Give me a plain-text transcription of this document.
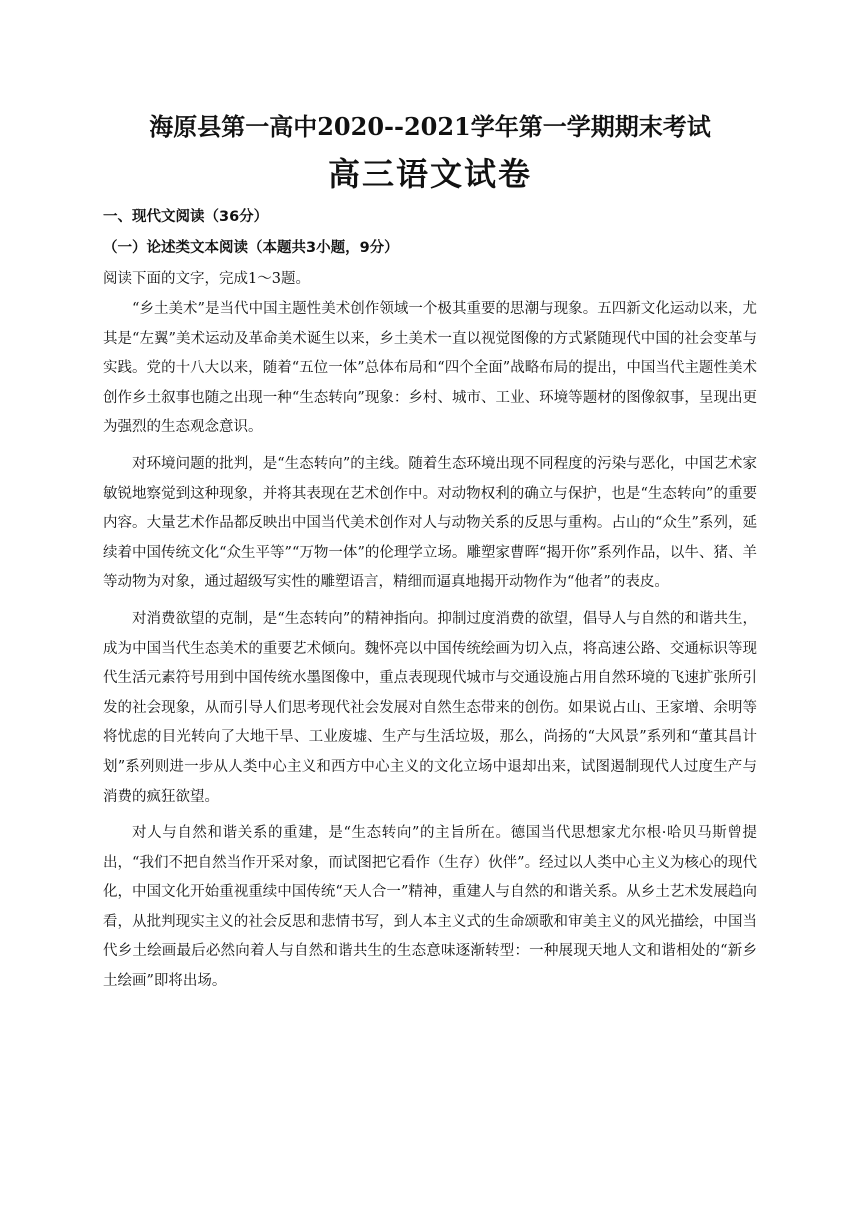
海原县第一高中2020--2021学年第一学期期末考试
高三语文试卷
一、现代文阅读（36分）
（一）论述类文本阅读（本题共3小题，9分）
阅读下面的文字，完成1～3题。

“乡土美术”是当代中国主题性美术创作领域一个极其重要的思潮与现象。五四新文化运动以来，尤其是“左翼”美术运动及革命美术诞生以来，乡土美术一直以视觉图像的方式紧随现代中国的社会变革与实践。党的十八大以来，随着“五位一体”总体布局和“四个全面”战略布局的提出，中国当代主题性美术创作乡土叙事也随之出现一种“生态转向”现象：乡村、城市、工业、环境等题材的图像叙事，呈现出更为强烈的生态观念意识。

对环境问题的批判，是“生态转向”的主线。随着生态环境出现不同程度的污染与恶化，中国艺术家敏锐地察觉到这种现象，并将其表现在艺术创作中。对动物权利的确立与保护，也是“生态转向”的重要内容。大量艺术作品都反映出中国当代美术创作对人与动物关系的反思与重构。占山的“众生”系列，延续着中国传统文化“众生平等”“万物一体”的伦理学立场。雕塑家曹晖“揭开你”系列作品，以牛、猪、羊等动物为对象，通过超级写实性的雕塑语言，精细而逼真地揭开动物作为“他者”的表皮。

对消费欲望的克制，是“生态转向”的精神指向。抑制过度消费的欲望，倡导人与自然的和谐共生，成为中国当代生态美术的重要艺术倾向。魏怀亮以中国传统绘画为切入点，将高速公路、交通标识等现代生活元素符号用到中国传统水墨图像中，重点表现现代城市与交通设施占用自然环境的飞速扩张所引发的社会现象，从而引导人们思考现代社会发展对自然生态带来的创伤。如果说占山、王家增、余明等将忧虑的目光转向了大地干旱、工业废墟、生产与生活垃圾，那么，尚扬的“大风景”系列和“董其昌计划”系列则进一步从人类中心主义和西方中心主义的文化立场中退却出来，试图遏制现代人过度生产与消费的疯狂欲望。

对人与自然和谐关系的重建，是“生态转向”的主旨所在。德国当代思想家尤尔根·哈贝马斯曾提出，“我们不把自然当作开采对象，而试图把它看作（生存）伙伴”。经过以人类中心主义为核心的现代化，中国文化开始重视重续中国传统“天人合一”精神，重建人与自然的和谐关系。从乡土艺术发展趋向看，从批判现实主义的社会反思和悲情书写，到人本主义式的生命颂歌和审美主义的风光描绘，中国当代乡土绘画最后必然向着人与自然和谐共生的生态意味逐渐转型：一种展现天地人文和谐相处的“新乡土绘画”即将出场。
